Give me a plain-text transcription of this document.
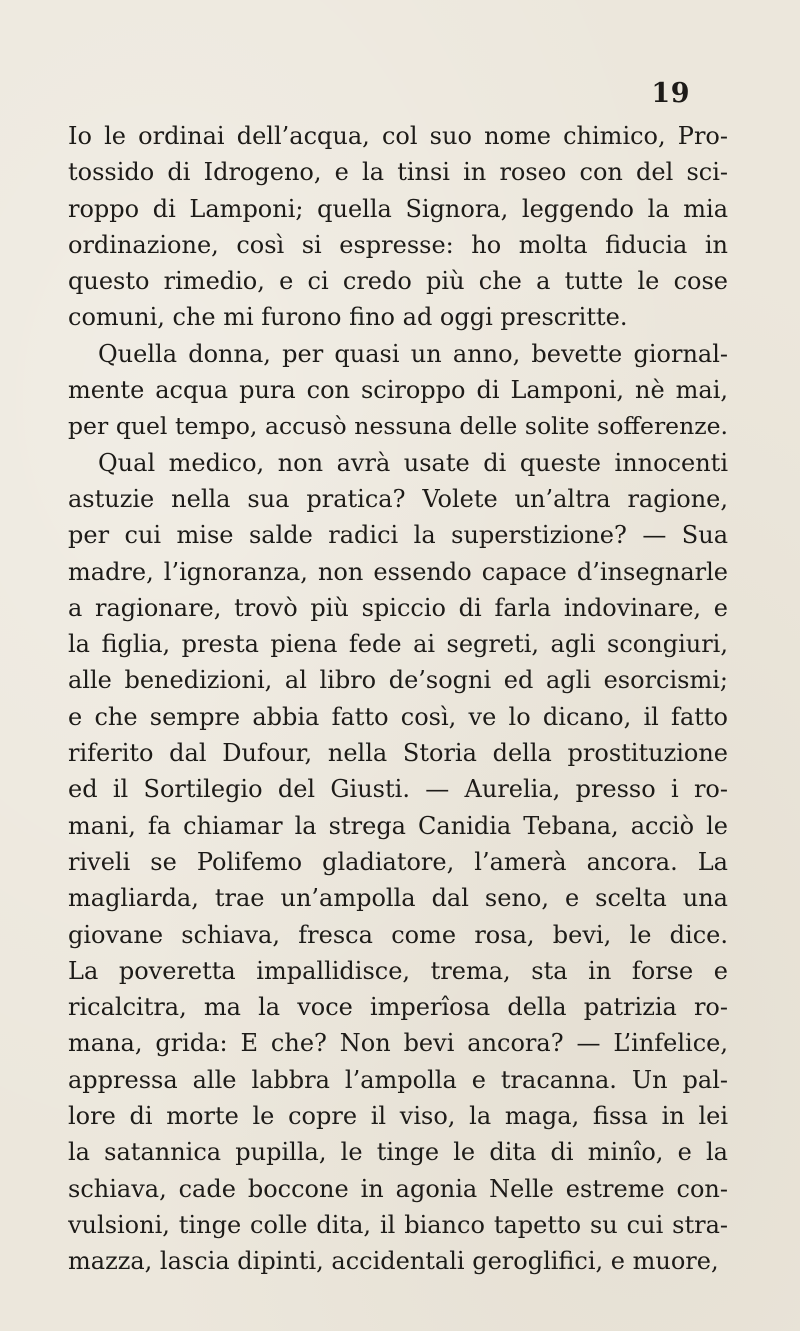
19
Io le ordinai dell’acqua, col suo nome chimico, Pro-
tossido di Idrogeno, e la tinsi in roseo con del sci-
roppo di Lamponi; quella Signora, leggendo la mia
ordinazione, così si espresse: ho molta fiducia in
questo rimedio, e ci credo più che a tutte le cose
comuni, che mi furono fino ad oggi prescritte.
Quella donna, per quasi un anno, bevette giornal-
mente acqua pura con sciroppo di Lamponi, nè mai,
per quel tempo, accusò nessuna delle solite sofferenze.
Qual medico, non avrà usate di queste innocenti
astuzie nella sua pratica? Volete un’altra ragione,
per cui mise salde radici la superstizione? — Sua
madre, l’ignoranza, non essendo capace d’insegnarle
a ragionare, trovò più spiccio di farla indovinare, e
la figlia, presta piena fede ai segreti, agli scongiuri,
alle benedizioni, al libro de’sogni ed agli esorcismi;
e che sempre abbia fatto così, ve lo dicano, il fatto
riferito dal Dufour, nella Storia della prostituzione
ed il Sortilegio del Giusti. — Aurelia, presso i ro-
mani, fa chiamar la strega Canidia Tebana, acciò le
riveli se Polifemo gladiatore, l’amerà ancora. La
magliarda, trae un’ampolla dal seno, e scelta una
giovane schiava, fresca come rosa, bevi, le dice.
La poveretta impallidisce, trema, sta in forse e
ricalcitra, ma la voce imperîosa della patrizia ro-
mana, grida: E che? Non bevi ancora? — L’infelice,
appressa alle labbra l’ampolla e tracanna. Un pal-
lore di morte le copre il viso, la maga, fissa in lei
la satannica pupilla, le tinge le dita di minîo, e la
schiava, cade boccone in agonia Nelle estreme con-
vulsioni, tinge colle dita, il bianco tapetto su cui stra-
mazza, lascia dipinti, accidentali geroglifici, e muore,
